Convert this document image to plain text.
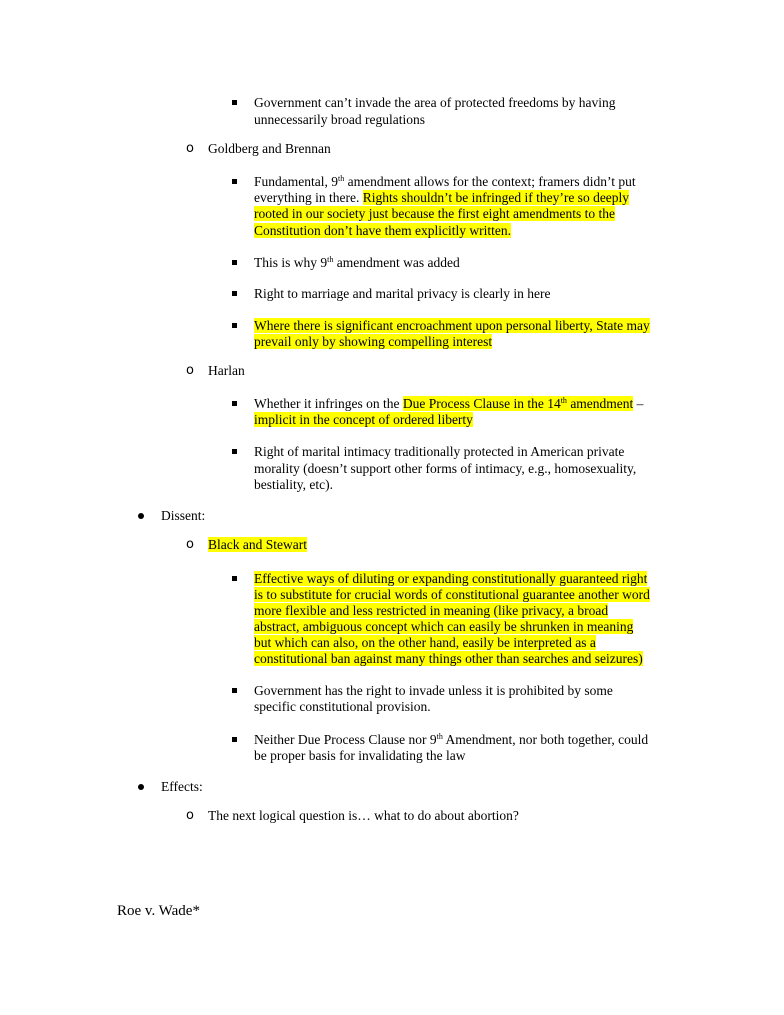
Government can’t invade the area of protected freedoms by having
unnecessarily broad regulations
o Goldberg and Brennan
Fundamental, 9th amendment allows for the context; framers didn’t put
everything in there. Rights shouldn’t be infringed if they’re so deeply
rooted in our society just because the first eight amendments to the
Constitution don’t have them explicitly written.
This is why 9th amendment was added
Right to marriage and marital privacy is clearly in here
Where there is significant encroachment upon personal liberty, State may
prevail only by showing compelling interest
o Harlan
Whether it infringes on the Due Process Clause in the 14th amendment –
implicit in the concept of ordered liberty
Right of marital intimacy traditionally protected in American private
morality (doesn’t support other forms of intimacy, e.g., homosexuality,
bestiality, etc).
Dissent:
o Black and Stewart
Effective ways of diluting or expanding constitutionally guaranteed right
is to substitute for crucial words of constitutional guarantee another word
more flexible and less restricted in meaning (like privacy, a broad
abstract, ambiguous concept which can easily be shrunken in meaning
but which can also, on the other hand, easily be interpreted as a
constitutional ban against many things other than searches and seizures)
Government has the right to invade unless it is prohibited by some
specific constitutional provision.
Neither Due Process Clause nor 9th Amendment, nor both together, could
be proper basis for invalidating the law
Effects:
o The next logical question is… what to do about abortion?
Roe v. Wade*
